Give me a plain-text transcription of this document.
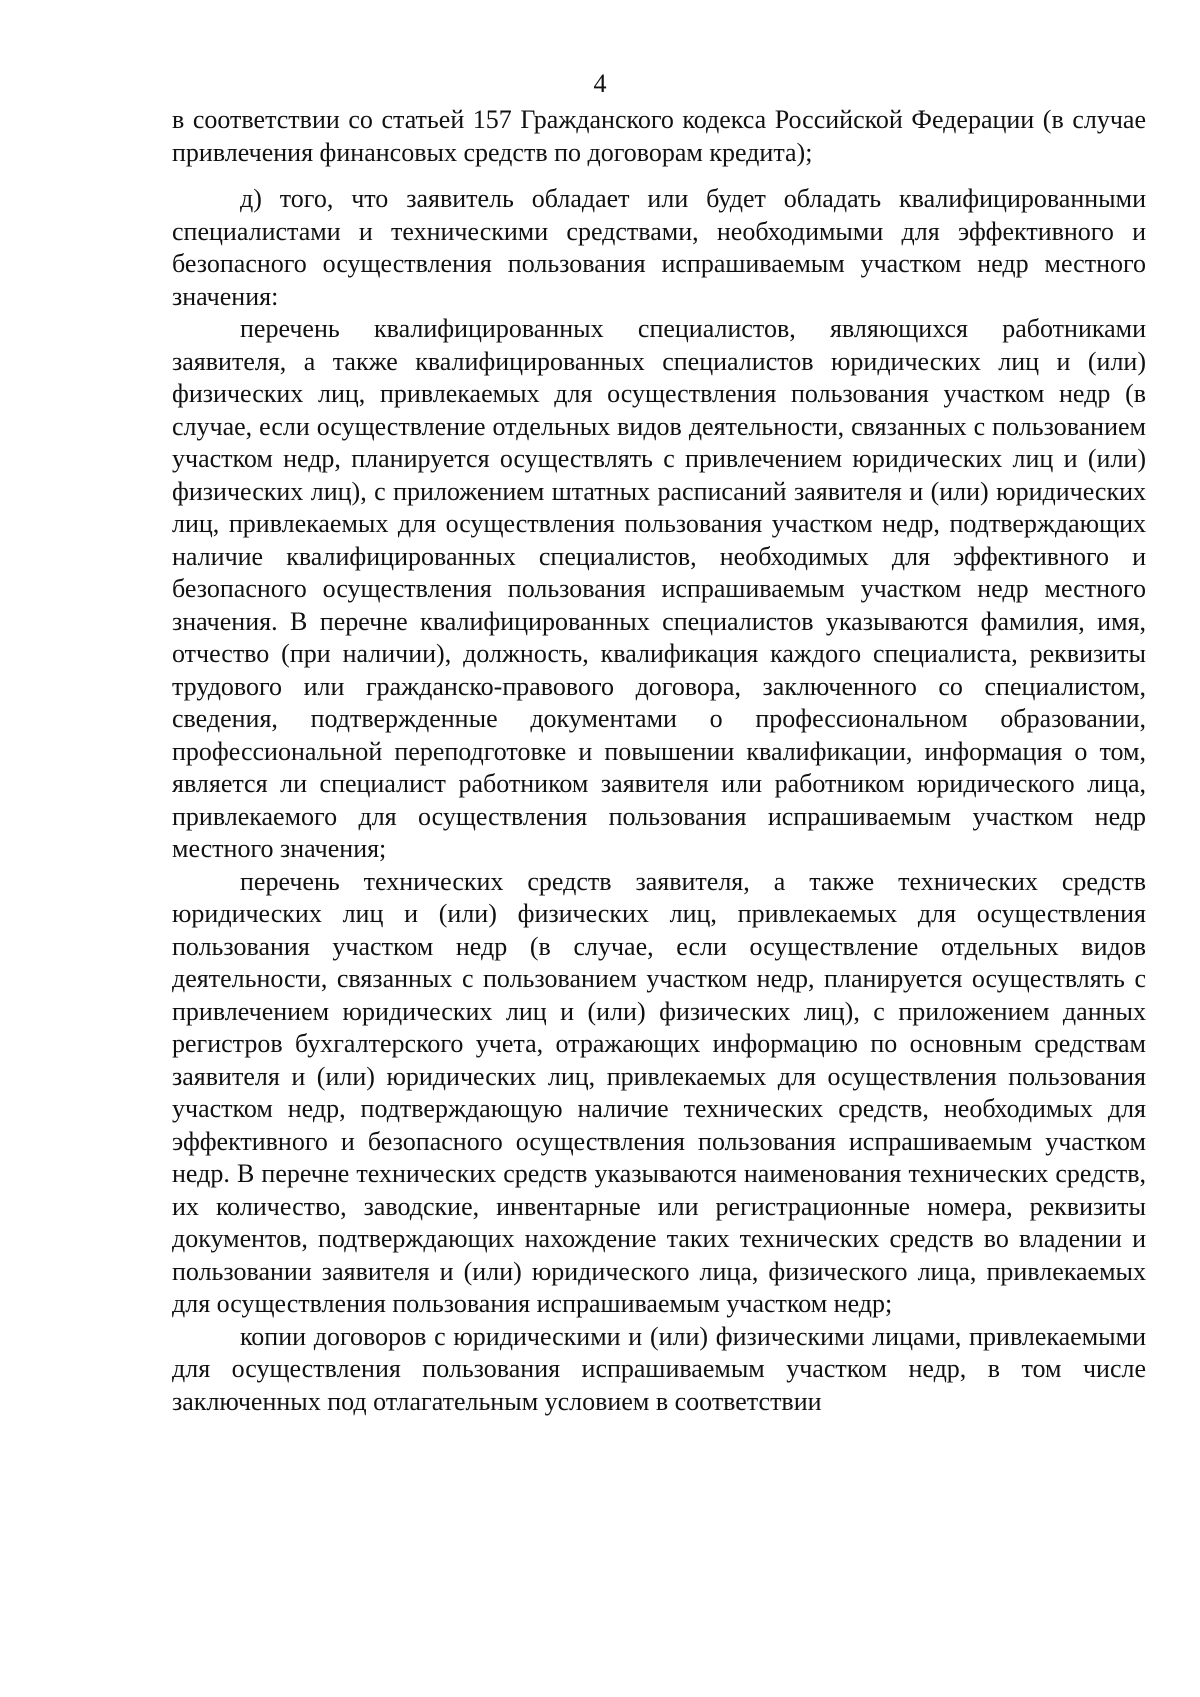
4

в соответствии со статьей 157 Гражданского кодекса Российской Федерации (в случае привлечения финансовых средств по договорам кредита);

д) того, что заявитель обладает или будет обладать квалифицированными специалистами и техническими средствами, необходимыми для эффективного и безопасного осуществления пользования испрашиваемым участком недр местного значения:

перечень квалифицированных специалистов, являющихся работниками заявителя, а также квалифицированных специалистов юридических лиц и (или) физических лиц, привлекаемых для осуществления пользования участком недр (в случае, если осуществление отдельных видов деятельности, связанных с пользованием участком недр, планируется осуществлять с привлечением юридических лиц и (или) физических лиц), с приложением штатных расписаний заявителя и (или) юридических лиц, привлекаемых для осуществления пользования участком недр, подтверждающих наличие квалифицированных специалистов, необходимых для эффективного и безопасного осуществления пользования испрашиваемым участком недр местного значения. В перечне квалифицированных специалистов указываются фамилия, имя, отчество (при наличии), должность, квалификация каждого специалиста, реквизиты трудового или гражданско-правового договора, заключенного со специалистом, сведения, подтвержденные документами о профессиональном образовании, профессиональной переподготовке и повышении квалификации, информация о том, является ли специалист работником заявителя или работником юридического лица, привлекаемого для осуществления пользования испрашиваемым участком недр местного значения;

перечень технических средств заявителя, а также технических средств юридических лиц и (или) физических лиц, привлекаемых для осуществления пользования участком недр (в случае, если осуществление отдельных видов деятельности, связанных с пользованием участком недр, планируется осуществлять с привлечением юридических лиц и (или) физических лиц), с приложением данных регистров бухгалтерского учета, отражающих информацию по основным средствам заявителя и (или) юридических лиц, привлекаемых для осуществления пользования участком недр, подтверждающую наличие технических средств, необходимых для эффективного и безопасного осуществления пользования испрашиваемым участком недр. В перечне технических средств указываются наименования технических средств, их количество, заводские, инвентарные или регистрационные номера, реквизиты документов, подтверждающих нахождение таких технических средств во владении и пользовании заявителя и (или) юридического лица, физического лица, привлекаемых для осуществления пользования испрашиваемым участком недр;

копии договоров с юридическими и (или) физическими лицами, привлекаемыми для осуществления пользования испрашиваемым участком недр, в том числе заключенных под отлагательным условием в соответствии
